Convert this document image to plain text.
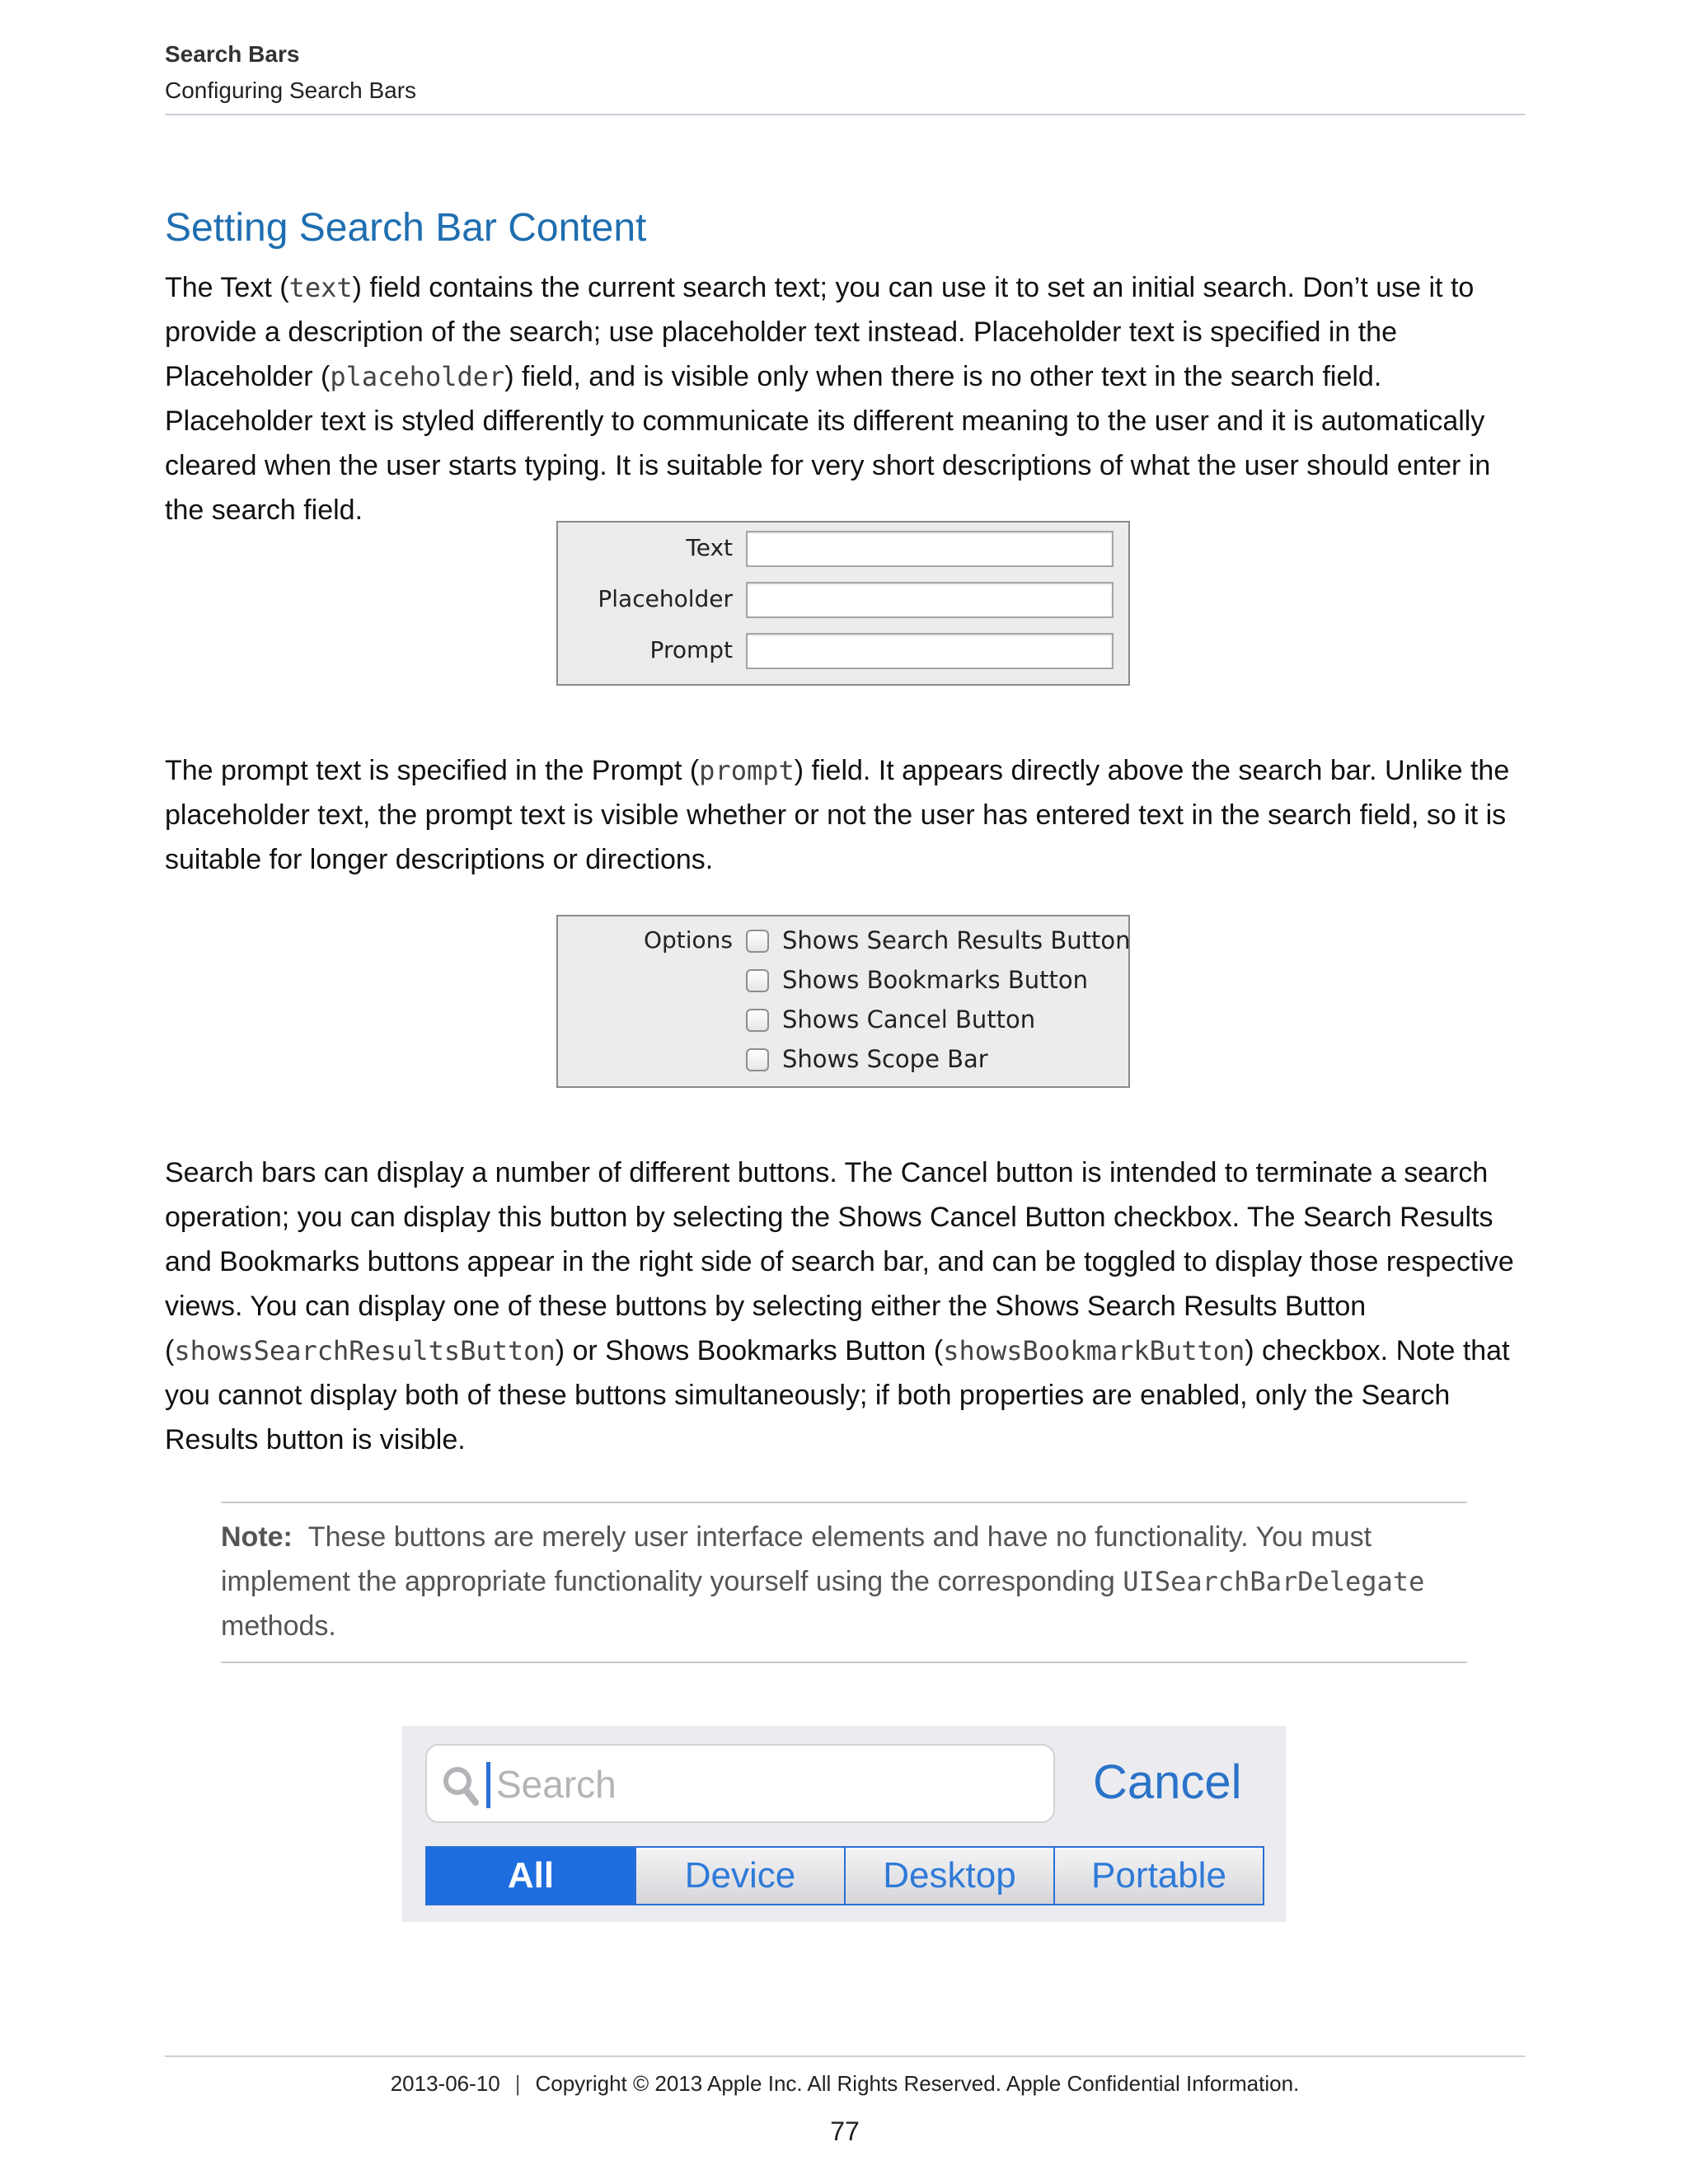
Search Bars
Configuring Search Bars
Setting Search Bar Content

The Text (text) field contains the current search text; you can use it to set an initial search. Don’t use it to provide a description of the search; use placeholder text instead. Placeholder text is specified in the Placeholder (placeholder) field, and is visible only when there is no other text in the search field. Placeholder text is styled differently to communicate its different meaning to the user and it is automatically cleared when the user starts typing. It is suitable for very short descriptions of what the user should enter in the search field.

Text
Placeholder
Prompt

The prompt text is specified in the Prompt (prompt) field. It appears directly above the search bar. Unlike the placeholder text, the prompt text is visible whether or not the user has entered text in the search field, so it is suitable for longer descriptions or directions.

Options Shows Search Results Button
Shows Bookmarks Button
Shows Cancel Button
Shows Scope Bar

Search bars can display a number of different buttons. The Cancel button is intended to terminate a search operation; you can display this button by selecting the Shows Cancel Button checkbox. The Search Results and Bookmarks buttons appear in the right side of search bar, and can be toggled to display those respective views. You can display one of these buttons by selecting either the Shows Search Results Button (showsSearchResultsButton) or Shows Bookmarks Button (showsBookmarkButton) checkbox. Note that you cannot display both of these buttons simultaneously; if both properties are enabled, only the Search Results button is visible.

Note: These buttons are merely user interface elements and have no functionality. You must implement the appropriate functionality yourself using the corresponding UISearchBarDelegate methods.
Search	Cancel
All	Device	Desktop	Portable
2013-06-10 | Copyright © 2013 Apple Inc. All Rights Reserved. Apple Confidential Information.
77
